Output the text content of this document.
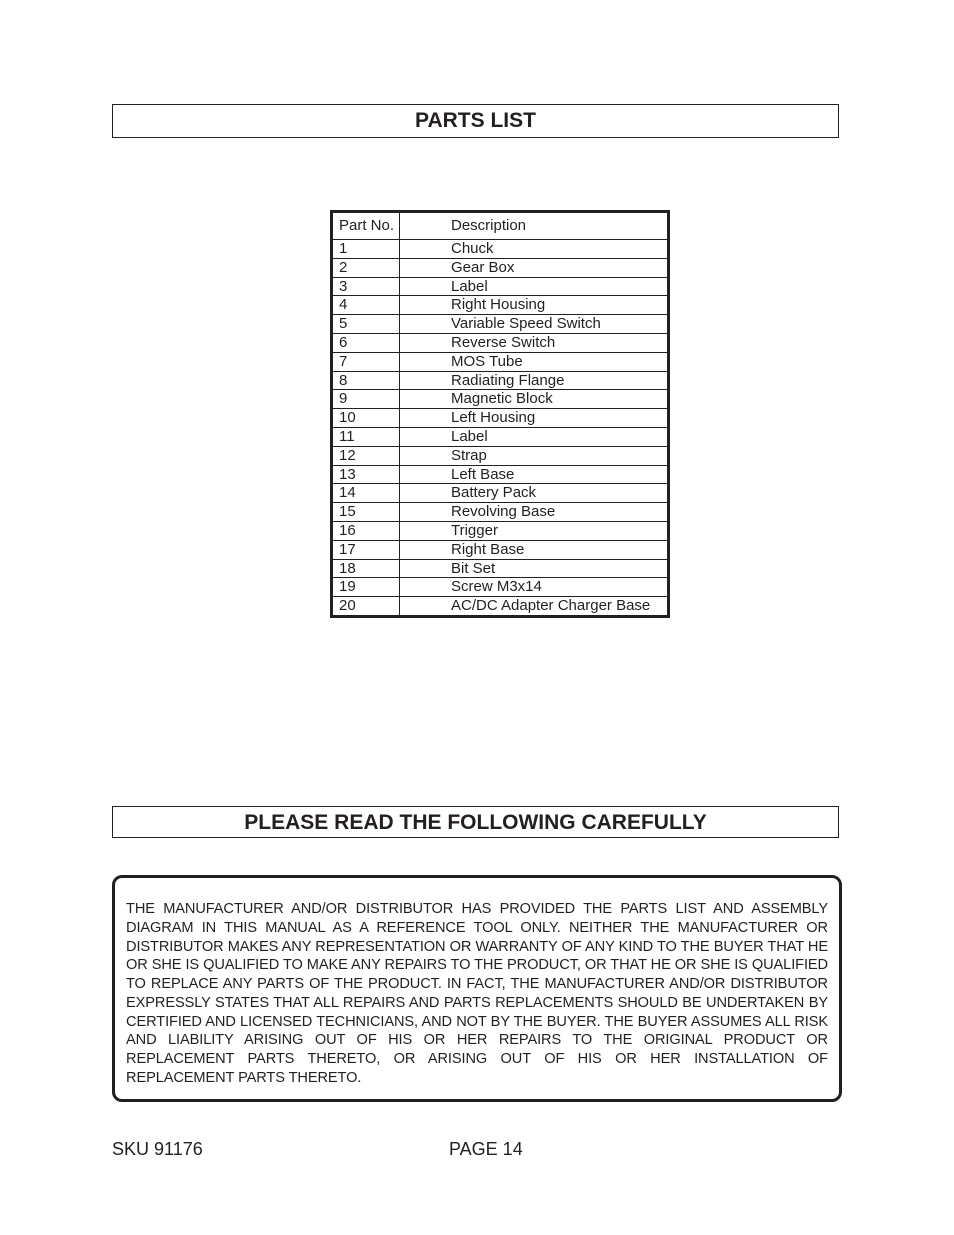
PARTS LIST
Part No.	Description
1	Chuck
2	Gear Box
3	Label
4	Right Housing
5	Variable Speed Switch
6	Reverse Switch
7	MOS Tube
8	Radiating Flange
9	Magnetic Block
10	Left Housing
11	Label
12	Strap
13	Left Base
14	Battery Pack
15	Revolving Base
16	Trigger
17	Right Base
18	Bit Set
19	Screw M3x14
20	AC/DC Adapter Charger Base
PLEASE READ THE FOLLOWING CAREFULLY
THE MANUFACTURER AND/OR DISTRIBUTOR HAS PROVIDED THE PARTS LIST AND ASSEMBLY DIAGRAM IN THIS MANUAL AS A REFERENCE TOOL ONLY. NEITHER THE MANUFACTURER OR DISTRIBUTOR MAKES ANY REPRESENTATION OR WARRANTY OF ANY KIND TO THE BUYER THAT HE OR SHE IS QUALIFIED TO MAKE ANY REPAIRS TO THE PRODUCT, OR THAT HE OR SHE IS QUALIFIED TO REPLACE ANY PARTS OF THE PRODUCT. IN FACT, THE MANUFACTURER AND/OR DISTRIBUTOR EXPRESSLY STATES THAT ALL REPAIRS AND PARTS REPLACEMENTS SHOULD BE UNDERTAKEN BY CERTIFIED AND LICENSED TECHNICIANS, AND NOT BY THE BUYER. THE BUYER ASSUMES ALL RISK AND LIABILITY ARISING OUT OF HIS OR HER REPAIRS TO THE ORIGINAL PRODUCT OR REPLACEMENT PARTS THERETO, OR ARISING OUT OF HIS OR HER INSTALLATION OF REPLACEMENT PARTS THERETO.
SKU 91176	PAGE 14
